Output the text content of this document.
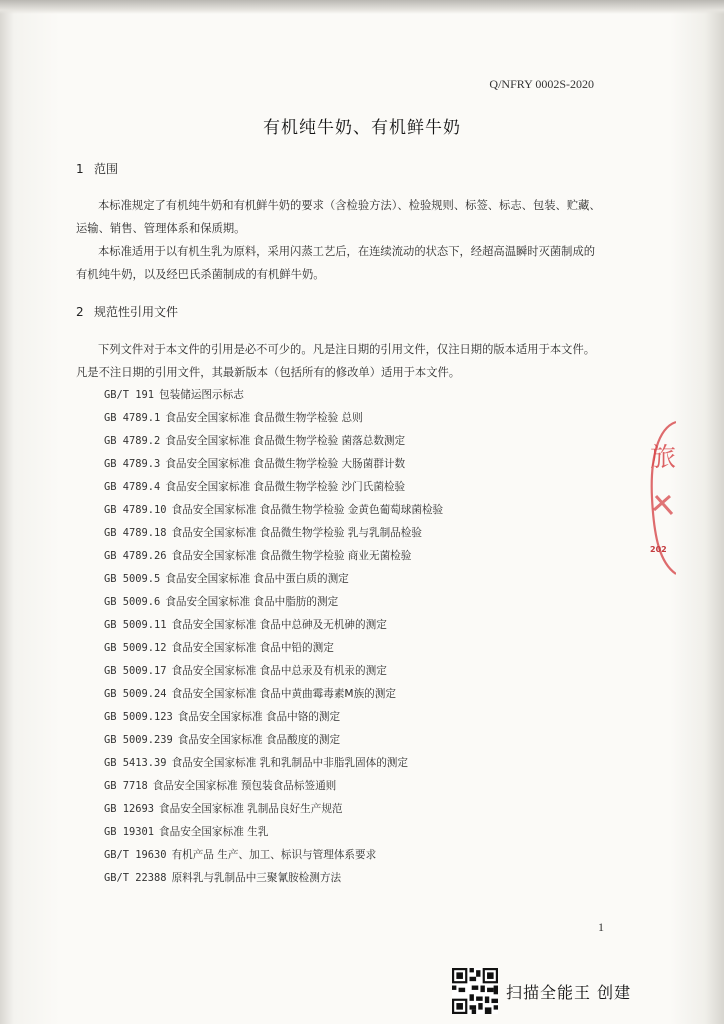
Q/NFRY 0002S-2020
有机纯牛奶、有机鲜牛奶
1 范围

本标准规定了有机纯牛奶和有机鲜牛奶的要求（含检验方法）、检验规则、标签、标志、包装、贮藏、运输、销售、管理体系和保质期。

本标准适用于以有机生乳为原料，采用闪蒸工艺后，在连续流动的状态下，经超高温瞬时灭菌制成的有机纯牛奶，以及经巴氏杀菌制成的有机鲜牛奶。

2 规范性引用文件

下列文件对于本文件的引用是必不可少的。凡是注日期的引用文件，仅注日期的版本适用于本文件。凡是不注日期的引用文件，其最新版本（包括所有的修改单）适用于本文件。

GB/T 191 包装储运图示标志
GB 4789.1 食品安全国家标准 食品微生物学检验 总则
GB 4789.2 食品安全国家标准 食品微生物学检验 菌落总数测定
GB 4789.3 食品安全国家标准 食品微生物学检验 大肠菌群计数
GB 4789.4 食品安全国家标准 食品微生物学检验 沙门氏菌检验
GB 4789.10 食品安全国家标准 食品微生物学检验 金黄色葡萄球菌检验
GB 4789.18 食品安全国家标准 食品微生物学检验 乳与乳制品检验
GB 4789.26 食品安全国家标准 食品微生物学检验 商业无菌检验
GB 5009.5 食品安全国家标准 食品中蛋白质的测定
GB 5009.6 食品安全国家标准 食品中脂肪的测定
GB 5009.11 食品安全国家标准 食品中总砷及无机砷的测定
GB 5009.12 食品安全国家标准 食品中铅的测定
GB 5009.17 食品安全国家标准 食品中总汞及有机汞的测定
GB 5009.24 食品安全国家标准 食品中黄曲霉毒素M族的测定
GB 5009.123 食品安全国家标准 食品中铬的测定
GB 5009.239 食品安全国家标准 食品酸度的测定
GB 5413.39 食品安全国家标准 乳和乳制品中非脂乳固体的测定
GB 7718 食品安全国家标准 预包装食品标签通则
GB 12693 食品安全国家标准 乳制品良好生产规范
GB 19301 食品安全国家标准 生乳
GB/T 19630 有机产品 生产、加工、标识与管理体系要求
GB/T 22388 原料乳与乳制品中三聚氰胺检测方法
1
旅
202
扫描全能王 创建
